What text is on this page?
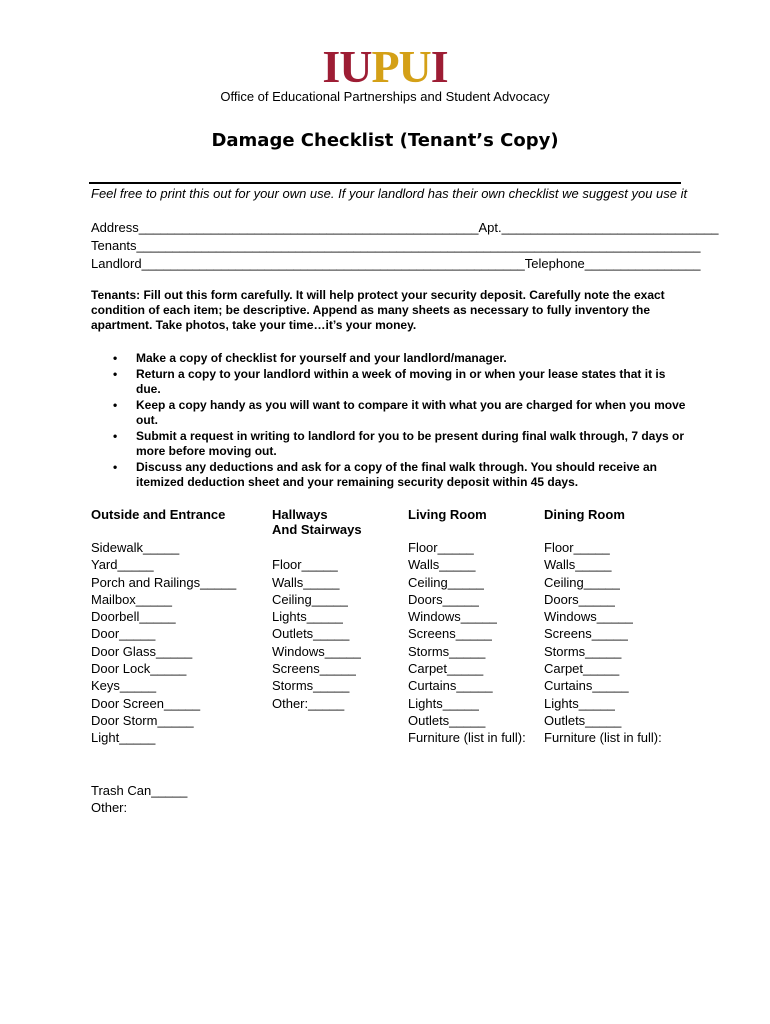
IUPUI
Office of Educational Partnerships and Student Advocacy
Damage Checklist (Tenant’s Copy)
Feel free to print this out for your own use. If your landlord has their own checklist we suggest you use it
Address_______________________________________________Apt.______________________________
Tenants______________________________________________________________________________
Landlord_____________________________________________________Telephone________________
Tenants: Fill out this form carefully. It will help protect your security deposit. Carefully note the exact condition of each item; be descriptive. Append as many sheets as necessary to fully inventory the apartment. Take photos, take your time…it’s your money.
• Make a copy of checklist for yourself and your landlord/manager.
• Return a copy to your landlord within a week of moving in or when your lease states that it is due.
• Keep a copy handy as you will want to compare it with what you are charged for when you move out.
• Submit a request in writing to landlord for you to be present during final walk through, 7 days or more before moving out.
• Discuss any deductions and ask for a copy of the final walk through. You should receive an itemized deduction sheet and your remaining security deposit within 45 days.
Outside and Entrance
Sidewalk_____
Yard_____
Porch and Railings_____
Mailbox_____
Doorbell_____
Door_____
Door Glass_____
Door Lock_____
Keys_____
Door Screen_____
Door Storm_____
Light_____
Trash Can_____
Other:
Hallways
And Stairways
Floor_____
Walls_____
Ceiling_____
Lights_____
Outlets_____
Windows_____
Screens_____
Storms_____
Other:_____
Living Room
Floor_____
Walls_____
Ceiling_____
Doors_____
Windows_____
Screens_____
Storms_____
Carpet_____
Curtains_____
Lights_____
Outlets_____
Furniture (list in full):
Dining Room
Floor_____
Walls_____
Ceiling_____
Doors_____
Windows_____
Screens_____
Storms_____
Carpet_____
Curtains_____
Lights_____
Outlets_____
Furniture (list in full):
